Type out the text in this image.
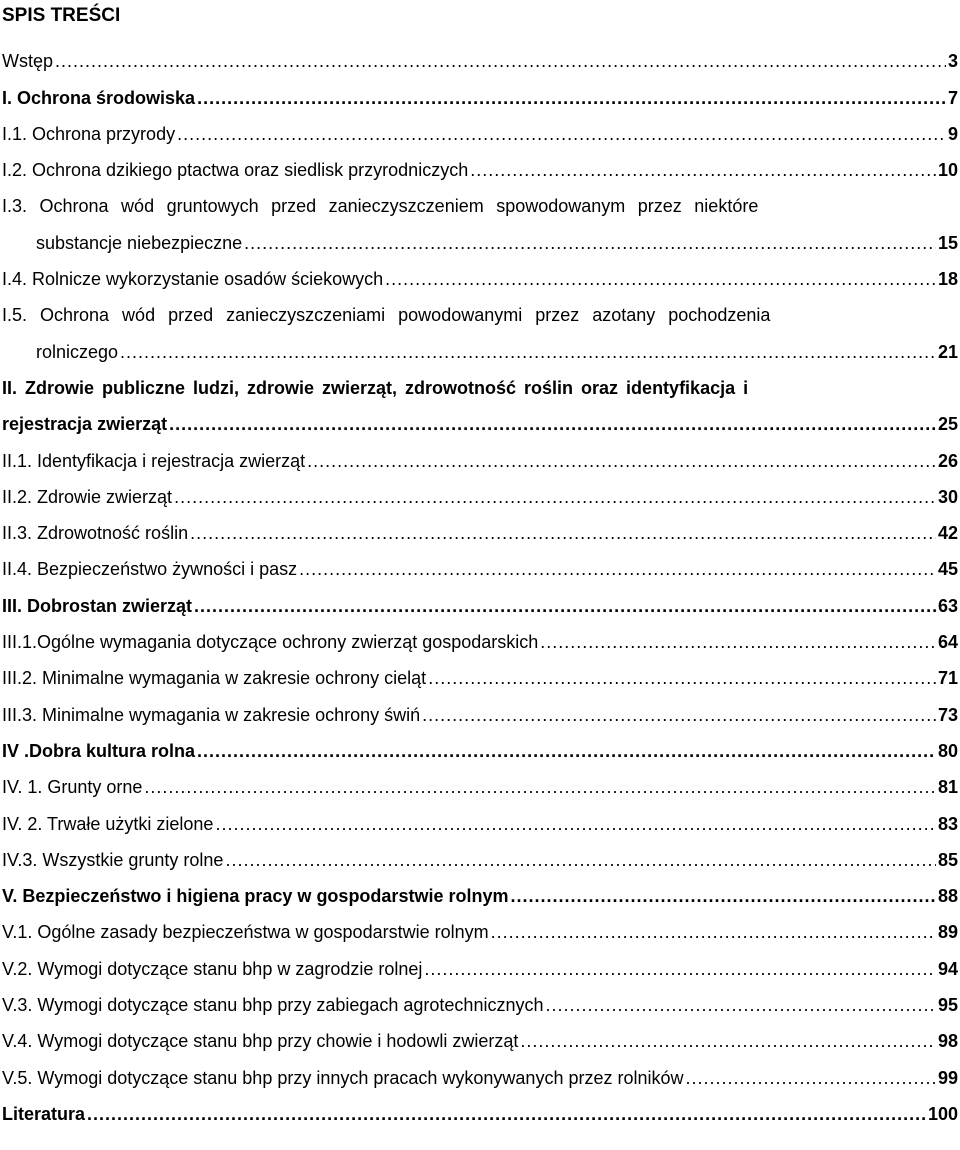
SPIS TREŚCI
Wstęp .....	3
I. Ochrona środowiska .....	7
I.1. Ochrona przyrody .....	9
I.2. Ochrona dzikiego ptactwa oraz siedlisk przyrodniczych .....	10
I.3. Ochrona wód gruntowych przed zanieczyszczeniem spowodowanym przez niektóre
substancje niebezpieczne .....	15
I.4. Rolnicze wykorzystanie osadów ściekowych .....	18
I.5. Ochrona wód przed zanieczyszczeniami powodowanymi przez azotany pochodzenia
rolniczego .....	21
II. Zdrowie publiczne ludzi, zdrowie zwierząt, zdrowotność roślin oraz identyfikacja i
rejestracja zwierząt .....	25
II.1. Identyfikacja i rejestracja zwierząt .....	26
II.2. Zdrowie zwierząt .....	30
II.3. Zdrowotność roślin .....	42
II.4. Bezpieczeństwo żywności i pasz .....	45
III. Dobrostan zwierząt .....	63
III.1.Ogólne wymagania dotyczące ochrony zwierząt gospodarskich .....	64
III.2. Minimalne wymagania w zakresie ochrony cieląt .....	71
III.3. Minimalne wymagania w zakresie ochrony świń .....	73
IV .Dobra kultura rolna .....	80
IV. 1. Grunty orne .....	81
IV. 2. Trwałe użytki zielone .....	83
IV.3. Wszystkie grunty rolne .....	85
V. Bezpieczeństwo i higiena pracy w gospodarstwie rolnym .....	88
V.1. Ogólne zasady bezpieczeństwa w gospodarstwie rolnym .....	89
V.2. Wymogi dotyczące stanu bhp w zagrodzie rolnej .....	94
V.3. Wymogi dotyczące stanu bhp przy zabiegach agrotechnicznych .....	95
V.4. Wymogi dotyczące stanu bhp przy chowie i hodowli zwierząt .....	98
V.5. Wymogi dotyczące stanu bhp przy innych pracach wykonywanych przez rolników .....	99
Literatura .....	100
